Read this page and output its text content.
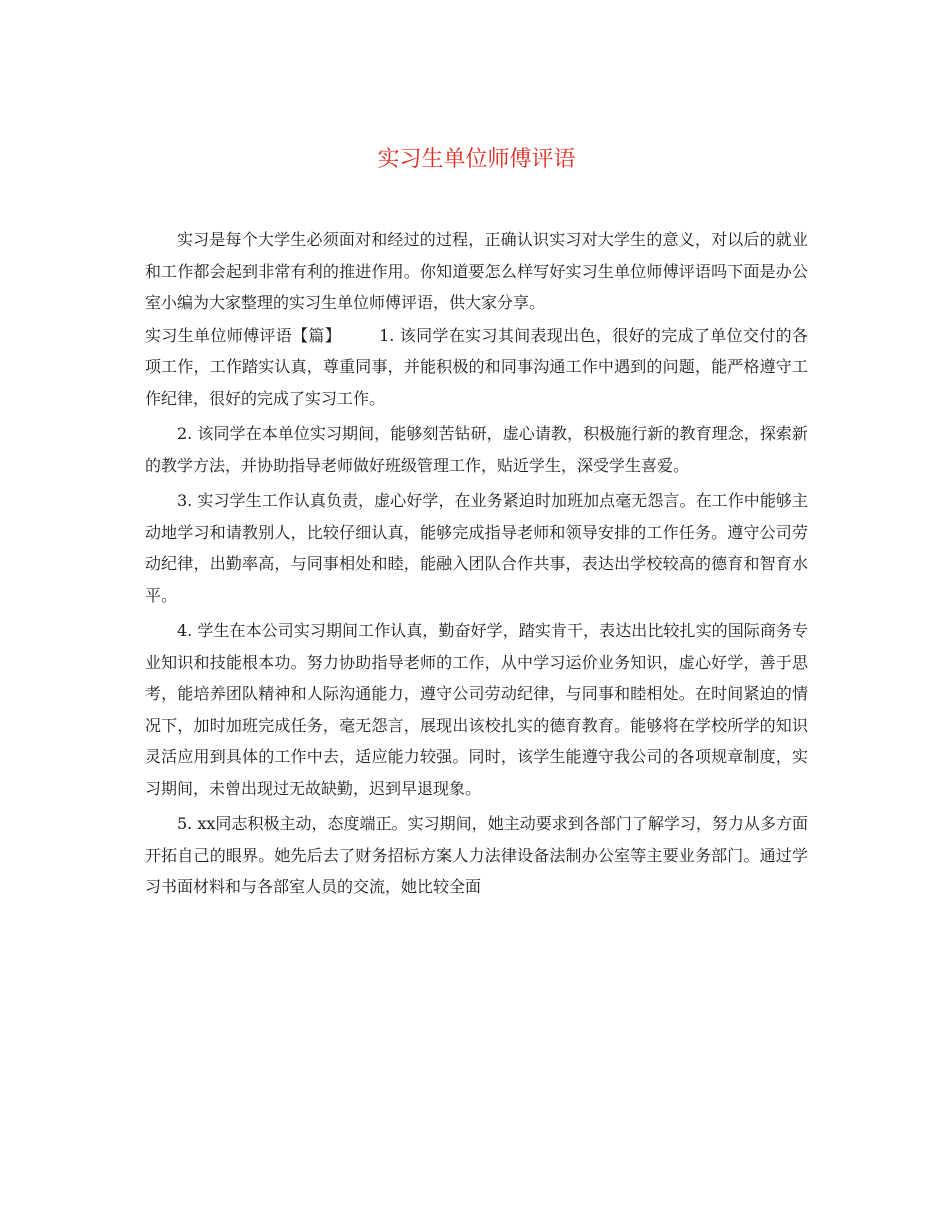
实习生单位师傅评语

实习是每个大学生必须面对和经过的过程，正确认识实习对大学生的意义，对以后的就业和工作都会起到非常有利的推进作用。你知道要怎么样写好实习生单位师傅评语吗下面是办公室小编为大家整理的实习生单位师傅评语，供大家分享。

实习生单位师傅评语【篇】 1. 该同学在实习其间表现出色，很好的完成了单位交付的各项工作，工作踏实认真，尊重同事，并能积极的和同事沟通工作中遇到的问题，能严格遵守工作纪律，很好的完成了实习工作。

2. 该同学在本单位实习期间，能够刻苦钻研，虚心请教，积极施行新的教育理念，探索新的教学方法，并协助指导老师做好班级管理工作，贴近学生，深受学生喜爱。

3. 实习学生工作认真负责，虚心好学，在业务紧迫时加班加点毫无怨言。在工作中能够主动地学习和请教别人，比较仔细认真，能够完成指导老师和领导安排的工作任务。遵守公司劳动纪律，出勤率高，与同事相处和睦，能融入团队合作共事，表达出学校较高的德育和智育水平。

4. 学生在本公司实习期间工作认真，勤奋好学，踏实肯干，表达出比较扎实的国际商务专业知识和技能根本功。努力协助指导老师的工作，从中学习运价业务知识，虚心好学，善于思考，能培养团队精神和人际沟通能力，遵守公司劳动纪律，与同事和睦相处。在时间紧迫的情况下，加时加班完成任务，毫无怨言，展现出该校扎实的德育教育。能够将在学校所学的知识灵活应用到具体的工作中去，适应能力较强。同时，该学生能遵守我公司的各项规章制度，实习期间，未曾出现过无故缺勤，迟到早退现象。

5. xx同志积极主动，态度端正。实习期间，她主动要求到各部门了解学习，努力从多方面开拓自己的眼界。她先后去了财务招标方案人力法律设备法制办公室等主要业务部门。通过学习书面材料和与各部室人员的交流，她比较全面
